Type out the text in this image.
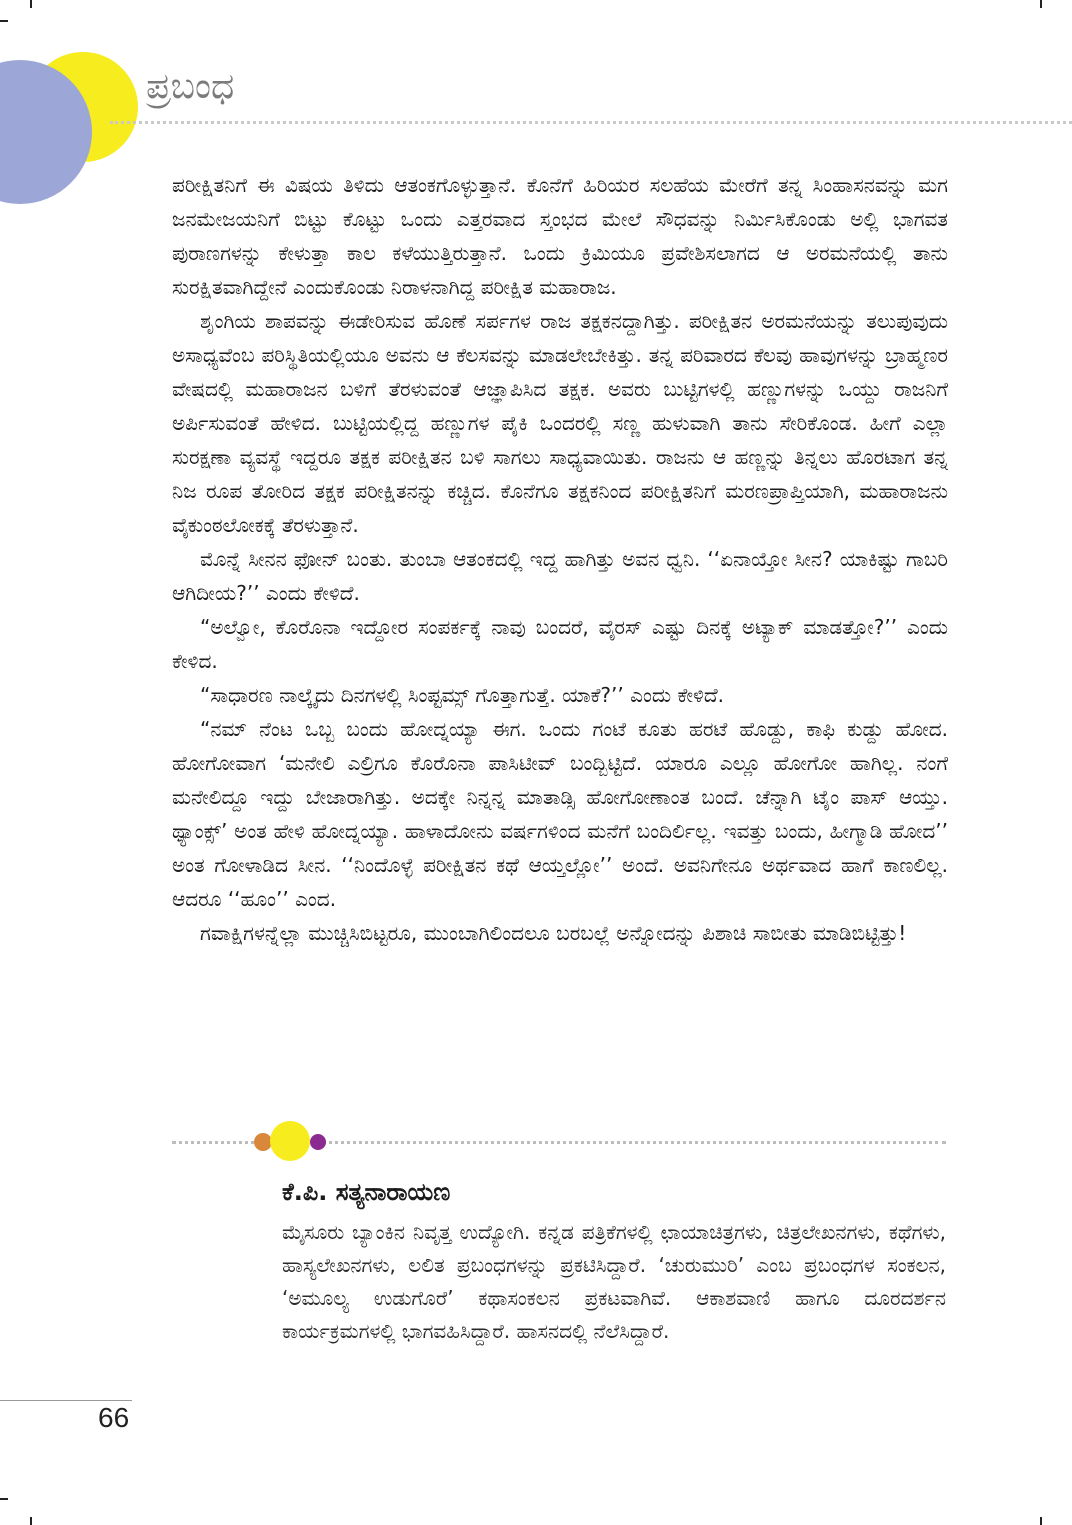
ಪ್ರಬಂಧ

ಪರೀಕ್ಷಿತನಿಗೆ ಈ ವಿಷಯ ತಿಳಿದು ಆತಂಕಗೊಳ್ಳುತ್ತಾನೆ. ಕೊನೆಗೆ ಹಿರಿಯರ ಸಲಹೆಯ ಮೇರೆಗೆ ತನ್ನ ಸಿಂಹಾಸನವನ್ನು ಮಗ ಜನಮೇಜಯನಿಗೆ ಬಿಟ್ಟು ಕೊಟ್ಟು ಒಂದು ಎತ್ತರವಾದ ಸ್ತಂಭದ ಮೇಲೆ ಸೌಧವನ್ನು ನಿರ್ಮಿಸಿಕೊಂಡು ಅಲ್ಲಿ ಭಾಗವತ ಪುರಾಣಗಳನ್ನು ಕೇಳುತ್ತಾ ಕಾಲ ಕಳೆಯುತ್ತಿರುತ್ತಾನೆ. ಒಂದು ಕ್ರಿಮಿಯೂ ಪ್ರವೇಶಿಸಲಾಗದ ಆ ಅರಮನೆಯಲ್ಲಿ ತಾನು ಸುರಕ್ಷಿತವಾಗಿದ್ದೇನೆ ಎಂದುಕೊಂಡು ನಿರಾಳನಾಗಿದ್ದ ಪರೀಕ್ಷಿತ ಮಹಾರಾಜ.

ಶೃಂಗಿಯ ಶಾಪವನ್ನು ಈಡೇರಿಸುವ ಹೊಣೆ ಸರ್ಪಗಳ ರಾಜ ತಕ್ಷಕನದ್ದಾಗಿತ್ತು. ಪರೀಕ್ಷಿತನ ಅರಮನೆಯನ್ನು ತಲುಪುವುದು ಅಸಾಧ್ಯವೆಂಬ ಪರಿಸ್ಥಿತಿಯಲ್ಲಿಯೂ ಅವನು ಆ ಕೆಲಸವನ್ನು ಮಾಡಲೇಬೇಕಿತ್ತು. ತನ್ನ ಪರಿವಾರದ ಕೆಲವು ಹಾವುಗಳನ್ನು ಬ್ರಾಹ್ಮಣರ ವೇಷದಲ್ಲಿ ಮಹಾರಾಜನ ಬಳಿಗೆ ತೆರಳುವಂತೆ ಆಜ್ಞಾಪಿಸಿದ ತಕ್ಷಕ. ಅವರು ಬುಟ್ಟಿಗಳಲ್ಲಿ ಹಣ್ಣುಗಳನ್ನು ಒಯ್ದು ರಾಜನಿಗೆ ಅರ್ಪಿಸುವಂತೆ ಹೇಳಿದ. ಬುಟ್ಟಿಯಲ್ಲಿದ್ದ ಹಣ್ಣುಗಳ ಪೈಕಿ ಒಂದರಲ್ಲಿ ಸಣ್ಣ ಹುಳುವಾಗಿ ತಾನು ಸೇರಿಕೊಂಡ. ಹೀಗೆ ಎಲ್ಲಾ ಸುರಕ್ಷಣಾ ವ್ಯವಸ್ಥೆ ಇದ್ದರೂ ತಕ್ಷಕ ಪರೀಕ್ಷಿತನ ಬಳಿ ಸಾಗಲು ಸಾಧ್ಯವಾಯಿತು. ರಾಜನು ಆ ಹಣ್ಣನ್ನು ತಿನ್ನಲು ಹೊರಟಾಗ ತನ್ನ ನಿಜ ರೂಪ ತೋರಿದ ತಕ್ಷಕ ಪರೀಕ್ಷಿತನನ್ನು ಕಚ್ಚಿದ. ಕೊನೆಗೂ ತಕ್ಷಕನಿಂದ ಪರೀಕ್ಷಿತನಿಗೆ ಮರಣಪ್ರಾಪ್ತಿಯಾಗಿ, ಮಹಾರಾಜನು ವೈಕುಂಠಲೋಕಕ್ಕೆ ತೆರಳುತ್ತಾನೆ.

ಮೊನ್ನೆ ಸೀನನ ಫೋನ್ ಬಂತು. ತುಂಬಾ ಆತಂಕದಲ್ಲಿ ಇದ್ದ ಹಾಗಿತ್ತು ಅವನ ಧ್ವನಿ. ‘‘ಏನಾಯ್ತೋ ಸೀನ? ಯಾಕಿಷ್ಟು ಗಾಬರಿ ಆಗಿದೀಯ?’’ ಎಂದು ಕೇಳಿದೆ.

“ಅಲ್ವೋ, ಕೊರೊನಾ ಇದ್ದೋರ ಸಂಪರ್ಕಕ್ಕೆ ನಾವು ಬಂದರೆ, ವೈರಸ್ ಎಷ್ಟು ದಿನಕ್ಕೆ ಅಟ್ಯಾಕ್ ಮಾಡತ್ತೋ?’’ ಎಂದು ಕೇಳಿದ.

“ಸಾಧಾರಣ ನಾಲ್ಕೈದು ದಿನಗಳಲ್ಲಿ ಸಿಂಪ್ಟಮ್ಸ್ ಗೊತ್ತಾಗುತ್ತೆ. ಯಾಕೆ?’’ ಎಂದು ಕೇಳಿದೆ.

“ನಮ್ ನೆಂಟ ಒಬ್ಬ ಬಂದು ಹೋದ್ನಯ್ಯಾ ಈಗ. ಒಂದು ಗಂಟೆ ಕೂತು ಹರಟೆ ಹೊಡ್ದು, ಕಾಫಿ ಕುಡ್ದು ಹೋದ. ಹೋಗೋವಾಗ ‘ಮನೇಲಿ ಎಲ್ರಿಗೂ ಕೊರೊನಾ ಪಾಸಿಟೀವ್ ಬಂದ್ಬಿಟ್ಟಿದೆ. ಯಾರೂ ಎಲ್ಲೂ ಹೋಗೋ ಹಾಗಿಲ್ಲ. ನಂಗೆ ಮನೇಲಿದ್ದೂ ಇದ್ದು ಬೇಜಾರಾಗಿತ್ತು. ಅದಕ್ಕೇ ನಿನ್ನನ್ನ ಮಾತಾಡ್ಸಿ ಹೋಗೋಣಾಂತ ಬಂದೆ. ಚೆನ್ನಾಗಿ ಟೈಂ ಪಾಸ್ ಆಯ್ತು. ಥ್ಯಾಂಕ್ಸ್’ ಅಂತ ಹೇಳಿ ಹೋದ್ನಯ್ಯಾ. ಹಾಳಾದೋನು ವರ್ಷಗಳಿಂದ ಮನೆಗೆ ಬಂದಿರ್ಲಿಲ್ಲ. ಇವತ್ತು ಬಂದು, ಹೀಗ್ಮಾಡಿ ಹೋದ’’ ಅಂತ ಗೋಳಾಡಿದ ಸೀನ. ‘‘ನಿಂದೊಳ್ಳೆ ಪರೀಕ್ಷಿತನ ಕಥೆ ಆಯ್ತಲ್ಲೋ’’ ಅಂದೆ. ಅವನಿಗೇನೂ ಅರ್ಥವಾದ ಹಾಗೆ ಕಾಣಲಿಲ್ಲ. ಆದರೂ ‘‘ಹೂಂ’’ ಎಂದ.

ಗವಾಕ್ಷಿಗಳನ್ನೆಲ್ಲಾ ಮುಚ್ಚಿಸಿಬಿಟ್ಟರೂ, ಮುಂಬಾಗಿಲಿಂದಲೂ ಬರಬಲ್ಲೆ ಅನ್ನೋದನ್ನು ಪಿಶಾಚಿ ಸಾಬೀತು ಮಾಡಿಬಿಟ್ಟಿತ್ತು!

ಕೆ.ಪಿ. ಸತ್ಯನಾರಾಯಣ
ಮೈಸೂರು ಬ್ಯಾಂಕಿನ ನಿವೃತ್ತ ಉದ್ಯೋಗಿ. ಕನ್ನಡ ಪತ್ರಿಕೆಗಳಲ್ಲಿ ಛಾಯಾಚಿತ್ರಗಳು, ಚಿತ್ರಲೇಖನಗಳು, ಕಥೆಗಳು, ಹಾಸ್ಯಲೇಖನಗಳು, ಲಲಿತ ಪ್ರಬಂಧಗಳನ್ನು ಪ್ರಕಟಿಸಿದ್ದಾರೆ. ‘ಚುರುಮುರಿ’ ಎಂಬ ಪ್ರಬಂಧಗಳ ಸಂಕಲನ, ‘ಅಮೂಲ್ಯ ಉಡುಗೊರೆ’ ಕಥಾಸಂಕಲನ ಪ್ರಕಟವಾಗಿವೆ. ಆಕಾಶವಾಣಿ ಹಾಗೂ ದೂರದರ್ಶನ ಕಾರ್ಯಕ್ರಮಗಳಲ್ಲಿ ಭಾಗವಹಿಸಿದ್ದಾರೆ. ಹಾಸನದಲ್ಲಿ ನೆಲೆಸಿದ್ದಾರೆ.
66
